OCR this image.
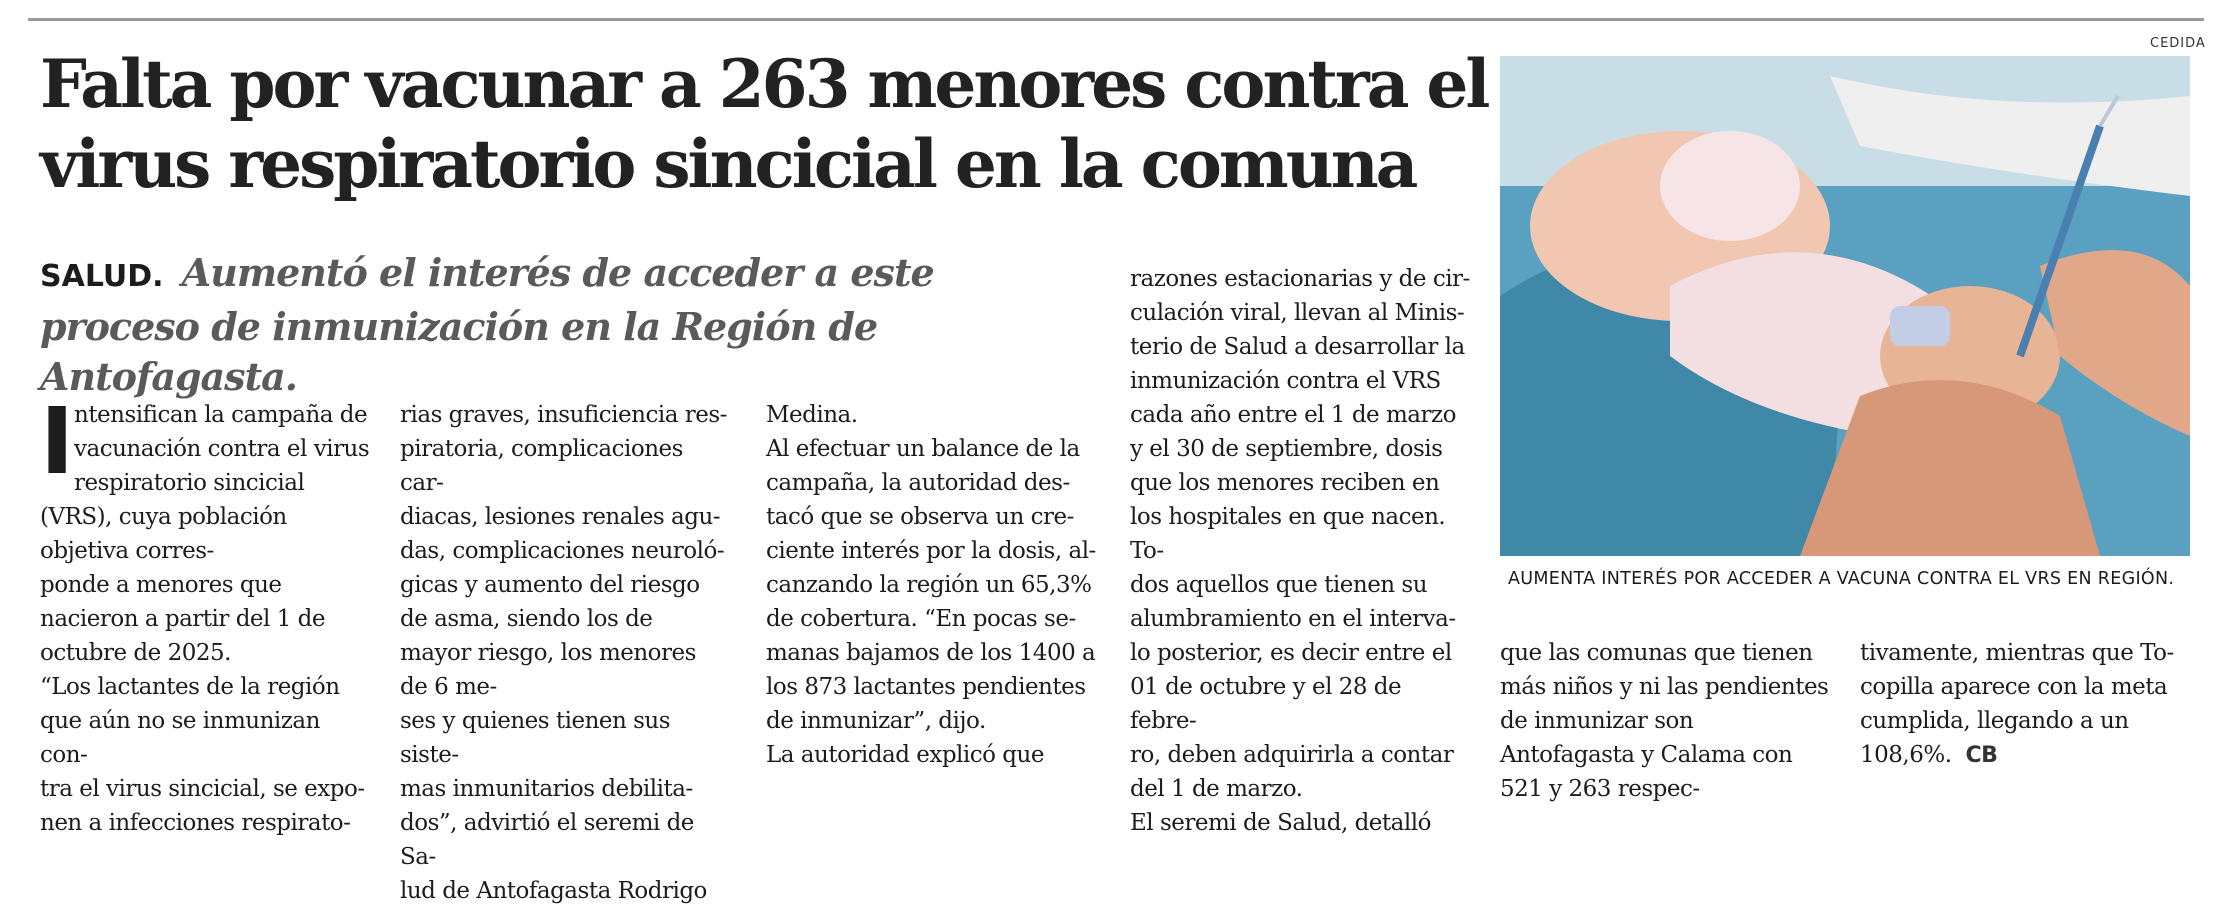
Falta por vacunar a 263 menores contra el virus respiratorio sincicial en la comuna
SALUD. Aumentó el interés de acceder a este proceso de inmunización en la Región de Antofagasta.
I ntensifican la campaña de vacunación contra el virus respiratorio sincicial (VRS), cuya población objetiva corres-
ponde a menores que nacieron a partir del 1 de octubre de 2025.
“Los lactantes de la región que aún no se inmunizan con-
tra el virus sincicial, se expo-
nen a infecciones respirato-

rias graves, insuficiencia res-
piratoria, complicaciones car-
diacas, lesiones renales agu-
das, complicaciones neuroló-
gicas y aumento del riesgo de asma, siendo los de mayor riesgo, los menores de 6 me-
ses y quienes tienen sus siste-
mas inmunitarios debilita-
dos”, advirtió el seremi de Sa-
lud de Antofagasta Rodrigo

Medina.
Al efectuar un balance de la campaña, la autoridad des-
tacó que se observa un cre-
ciente interés por la dosis, al-
canzando la región un 65,3% de cobertura. “En pocas se-
manas bajamos de los 1400 a los 873 lactantes pendientes de inmunizar”, dijo.
La autoridad explicó que

razones estacionarias y de cir-
culación viral, llevan al Minis-
terio de Salud a desarrollar la inmunización contra el VRS cada año entre el 1 de marzo y el 30 de septiembre, dosis que los menores reciben en los hospitales en que nacen. To-
dos aquellos que tienen su alumbramiento en el interva-
lo posterior, es decir entre el 01 de octubre y el 28 de febre-
ro, deben adquirirla a contar del 1 de marzo.
El seremi de Salud, detalló

que las comunas que tienen más niños y ni las pendientes de inmunizar son Antofagasta y Calama con 521 y 263 respec-

tivamente, mientras que To-
copilla aparece con la meta cumplida, llegando a un 108,6%. CB

CEDIDA
AUMENTA INTERÉS POR ACCEDER A VACUNA CONTRA EL VRS EN REGIÓN.
